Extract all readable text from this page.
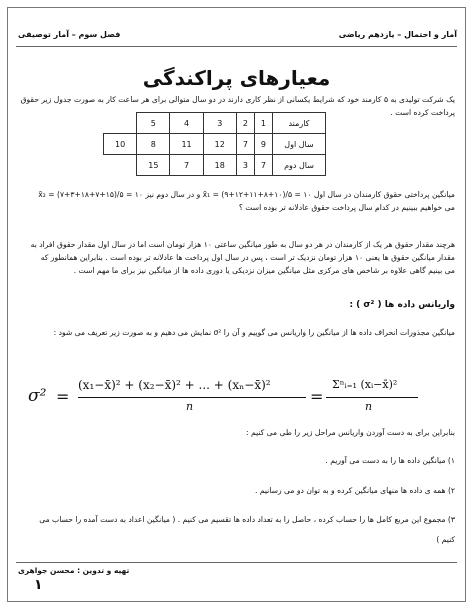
آمار و احتمال – یازدهم ریاضی
فصل سوم – آمار توصیفی
معیارهای پراکندگی
یک شرکت تولیدی به ۵ کارمند خود که شرایط یکسانی از نظر کاری دارند در دو سال متوالی برای هر ساعت کار به صورت جدول زیر حقوق پرداخت کرده است .
کارمند	1	2	3	4	5	
سال اول	9	7	12	11	8	10
سال دوم	7	3	18	7	15	
میانگین پرداختی حقوق کارمندان در سال اول ۱۰ = x̄₁ = (۹+۱۲+۱۱+۸+۱۰)/۵ و در سال دوم نیز ۱۰ = x̄₂ = (۷+۳+۱۸+۷+۱۵)/۵
می خواهیم ببینیم در کدام سال پرداخت حقوق عادلانه تر بوده است ؟
هرچند مقدار حقوق هر یک از کارمندان در هر دو سال به طور میانگین ساعتی ۱۰ هزار تومان است اما در سال اول مقدار حقوق افراد به
مقدار میانگین حقوق ها یعنی ۱۰ هزار تومان نزدیک تر است ، پس در سال اول پرداخت ها عادلانه تر بوده است . بنابراین همانطور که
می بینیم گاهی علاوه بر شاخص های مرکزی مثل میانگین میزان نزدیکی یا دوری داده ها از میانگین نیز برای ما مهم است .
واریانس داده ها ( σ² ) :
میانگین مجذورات انحراف داده ها از میانگین را واریانس می گوییم و آن را σ² نمایش می دهیم و به صورت زیر تعریف می شود :
σ² =
(x₁−x̄)² + (x₂−x̄)² + ... + (xₙ−x̄)²
n
=
Σⁿᵢ₌₁ (xᵢ−x̄)²
n
بنابراین برای به دست آوردن واریانس مراحل زیر را طی می کنیم :
۱) میانگین داده ها را به دست می آوریم .
۲) همه ی داده ها منهای میانگین کرده و به توان دو می رسانیم .
۳) مجموع این مربع کامل ها را حساب کرده ، حاصل را به تعداد داده ها تقسیم می کنیم . ( میانگین اعداد به دست آمده را حساب می
کنیم )
تهیه و تدوین : محسن جواهری
۱
